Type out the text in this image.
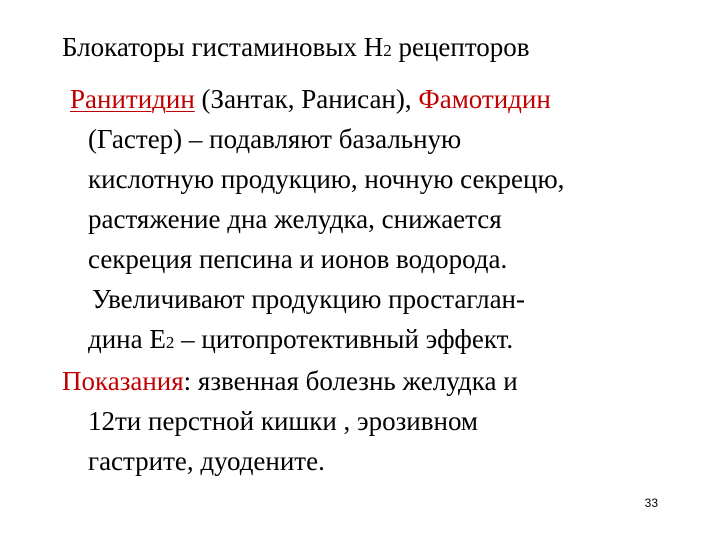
Блокаторы гистаминовых Н2 рецепторов
Ранитидин (Зантак, Ранисан), Фамотидин
(Гастер) – подавляют базальную
кислотную продукцию, ночную секрецю,
растяжение дна желудка, снижается
секреция пепсина и ионов водорода.
Увеличивают продукцию простаглан-
дина Е2 – цитопротективный эффект.
Показания: язвенная болезнь желудка и
12ти перстной кишки , эрозивном
гастрите, дуодените.
33
